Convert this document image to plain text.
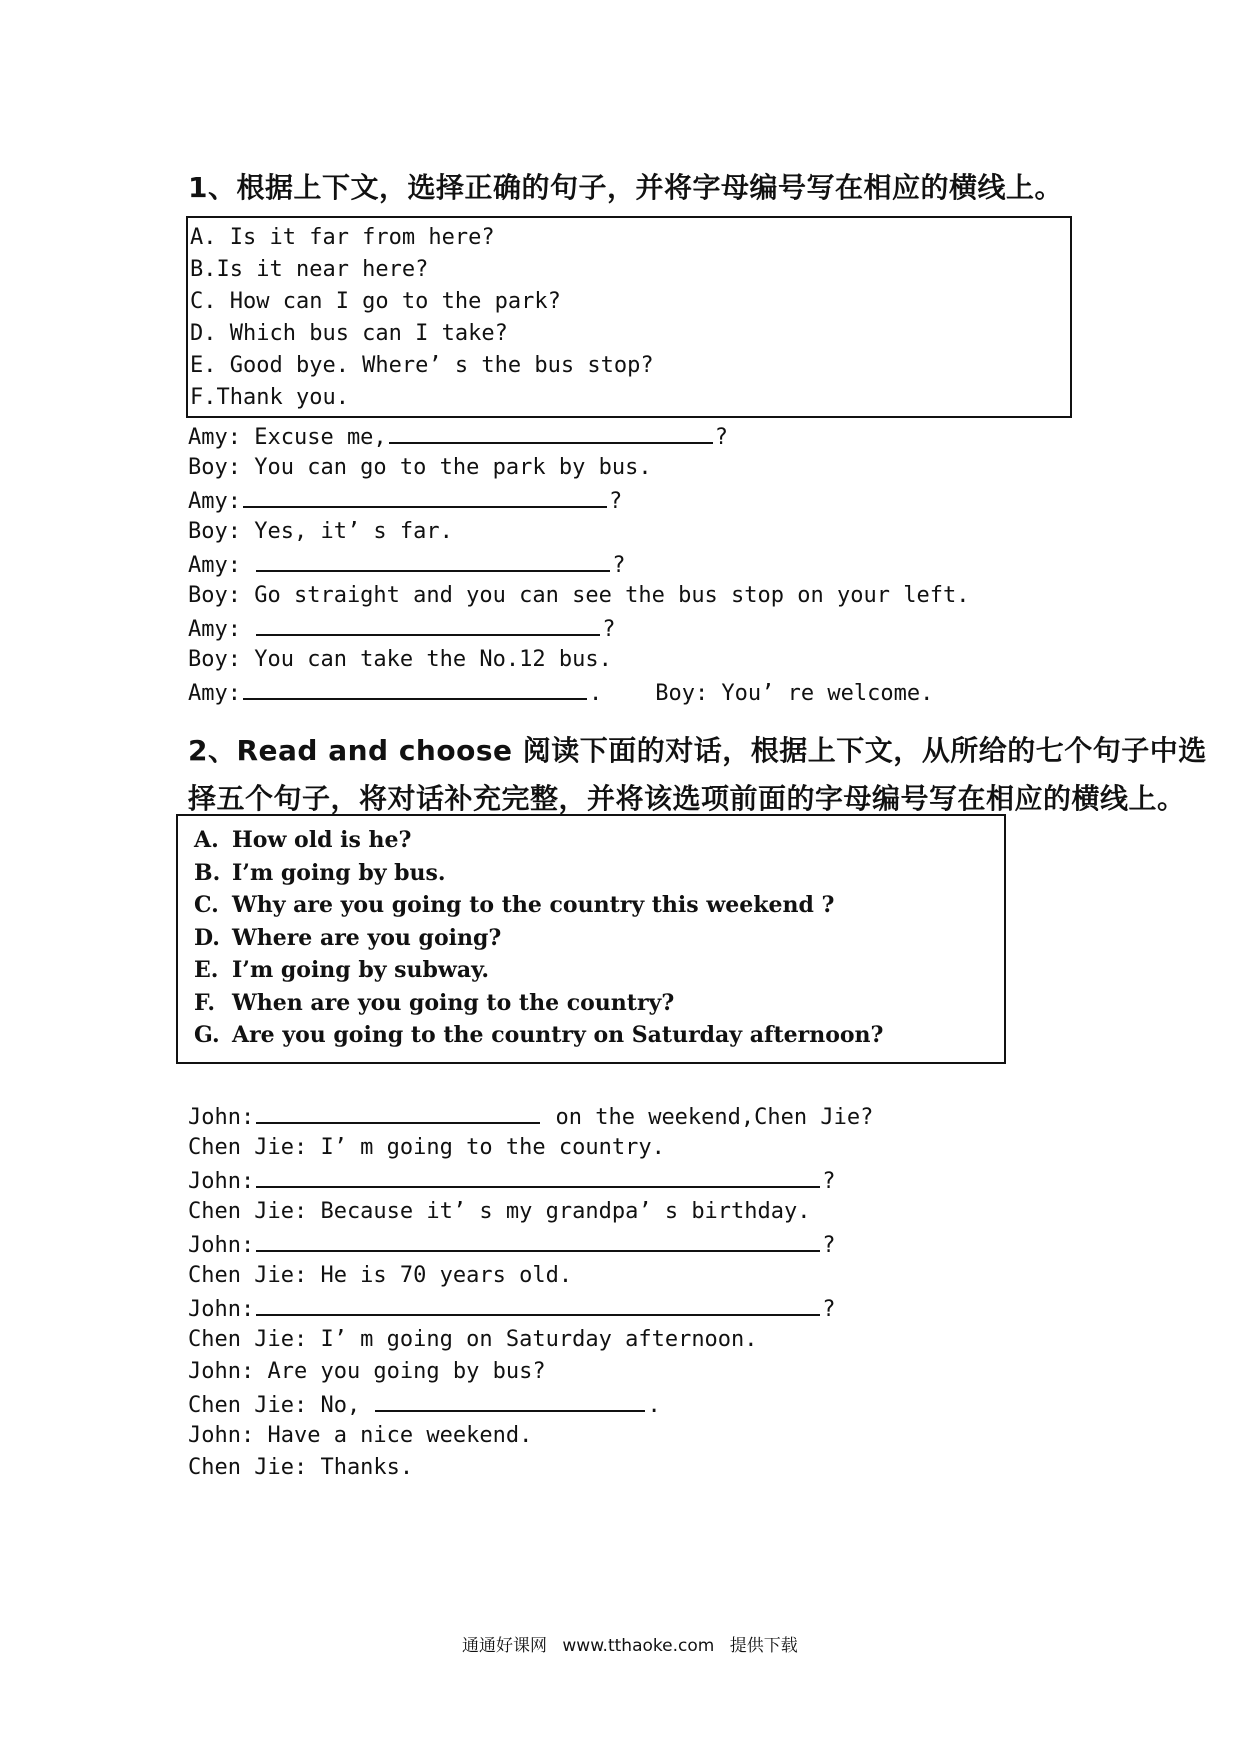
1、根据上下文，选择正确的句子，并将字母编号写在相应的横线上。
A. Is it far from here?
B.Is it near here?
C. How can I go to the park?
D. Which bus can I take?
E. Good bye. Where’ s the bus stop?
F.Thank you.
Amy: Excuse me,	?
Boy: You can go to the park by bus.
Amy:	?
Boy: Yes, it’ s far.
Amy:	?
Boy: Go straight and you can see the bus stop on your left.
Amy:	?
Boy: You can take the No.12 bus.
Amy:	.    Boy: You’ re welcome.
2、Read and choose 阅读下面的对话，根据上下文，从所给的七个句子中选
择五个句子，将对话补充完整，并将该选项前面的字母编号写在相应的横线上。
A. How old is he?
B. I’m going by bus.
C. Why are you going to the country this weekend ?
D. Where are you going?
E. I’m going by subway.
F. When are you going to the country?
G. Are you going to the country on Saturday afternoon?
John:	on the weekend,Chen Jie?
Chen Jie: I’ m going to the country.
John:	?
Chen Jie: Because it’ s my grandpa’ s birthday.
John:	?
Chen Jie: He is 70 years old.
John:	?
Chen Jie: I’ m going on Saturday afternoon.
John: Are you going by bus?
Chen Jie: No,	.
John: Have a nice weekend.
Chen Jie: Thanks.
通通好课网 www.tthaoke.com 提供下载
